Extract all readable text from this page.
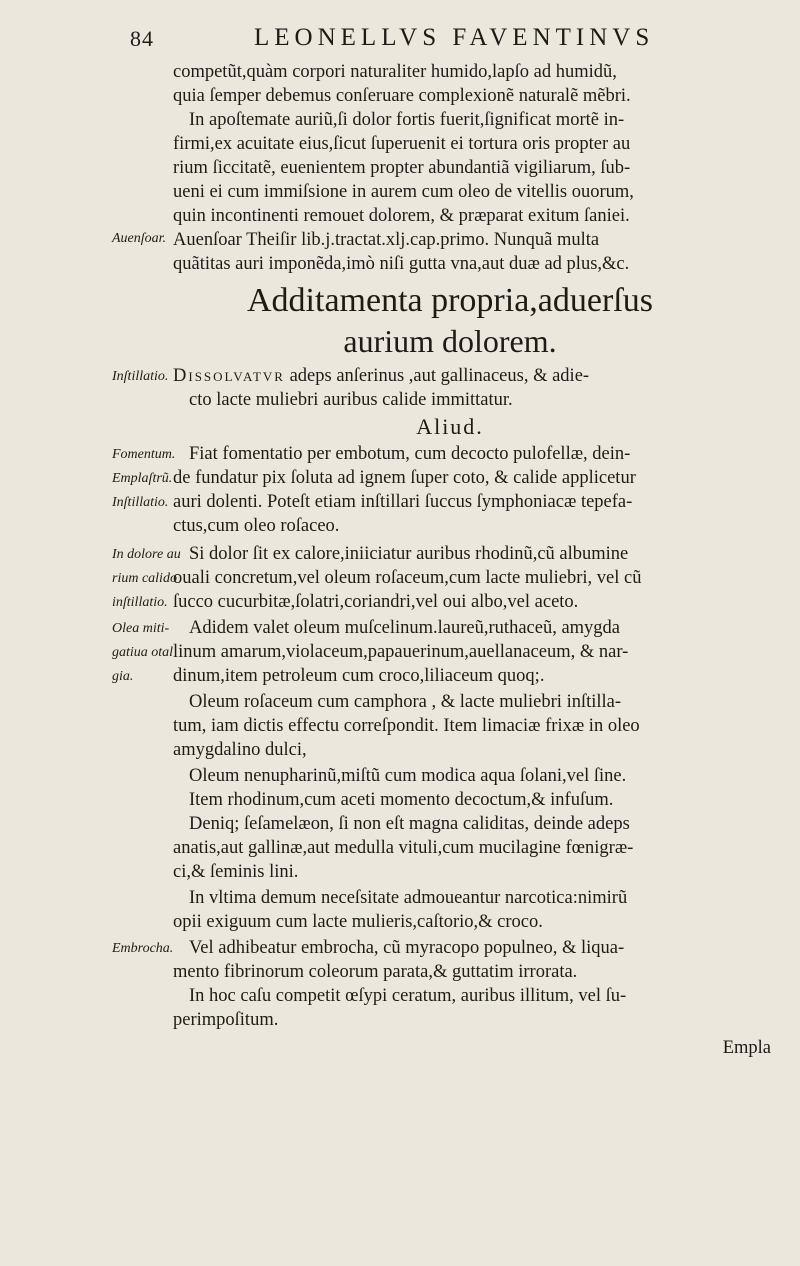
84	LEONELLVS FAVENTINVS
competũt,quàm corpori naturaliter humido,lapſo ad humidũ,
quia ſemper debemus conſeruare complexionẽ naturalẽ mẽbri.
In apoſtemate auriũ,ſi dolor fortis fuerit,ſignificat mortẽ in-
firmi,ex acuitate eius,ſicut ſuperuenit ei tortura oris propter au
rium ſiccitatẽ, euenientem propter abundantiã vigiliarum, ſub-
ueni ei cum immiſsione in aurem cum oleo de vitellis ouorum,
quin incontinenti remouet dolorem, & præparat exitum ſaniei.
Auenſoar Theiſir lib.j.tractat.xlj.cap.primo. Nunquã multa
quãtitas auri imponẽda,imò niſi gutta vna,aut duæ ad plus,&c.
Additamenta propria,aduerſus
aurium dolorem.
Dissolvatvr adeps anſerinus ,aut gallinaceus, & adie-
cto lacte muliebri auribus calide immittatur.
Aliud.
Fiat fomentatio per embotum, cum decocto pulofellæ, dein-
de fundatur pix ſoluta ad ignem ſuper coto, & calide applicetur
auri dolenti. Poteſt etiam inſtillari ſuccus ſymphoniacæ tepefa-
ctus,cum oleo roſaceo.
Si dolor ſit ex calore,iniiciatur auribus rhodinũ,cũ albumine
ouali concretum,vel oleum roſaceum,cum lacte muliebri, vel cũ
ſucco cucurbitæ,ſolatri,coriandri,vel oui albo,vel aceto.
Adidem valet oleum muſcelinum.laureũ,ruthaceũ, amygda
linum amarum,violaceum,papauerinum,auellanaceum, & nar-
dinum,item petroleum cum croco,liliaceum quoq;.
Oleum roſaceum cum camphora , & lacte muliebri inſtilla-
tum, iam dictis effectu correſpondit. Item limaciæ frixæ in oleo
amygdalino dulci,
Oleum nenupharinũ,miſtũ cum modica aqua ſolani,vel ſine.
Item rhodinum,cum aceti momento decoctum,& infuſum.
Deniq; ſeſamelæon, ſi non eſt magna caliditas, deinde adeps
anatis,aut gallinæ,aut medulla vituli,cum mucilagine fœnigræ-
ci,& ſeminis lini.
In vltima demum neceſsitate admoueantur narcotica:nimirũ
opii exiguum cum lacte mulieris,caſtorio,& croco.
Vel adhibeatur embrocha, cũ myracopo populneo, & liqua-
mento fibrinorum coleorum parata,& guttatim irrorata.
In hoc caſu competit œſypi ceratum, auribus illitum, vel ſu-
perimpoſitum.
Empla
Auenſoar.
Inſtillatio.
Fomentum.
Emplaſtrũ.
Inſtillatio.
In dolore au
rium calido
inſtillatio.
Olea miti-
gatiua otal
gia.
Embrocha.
